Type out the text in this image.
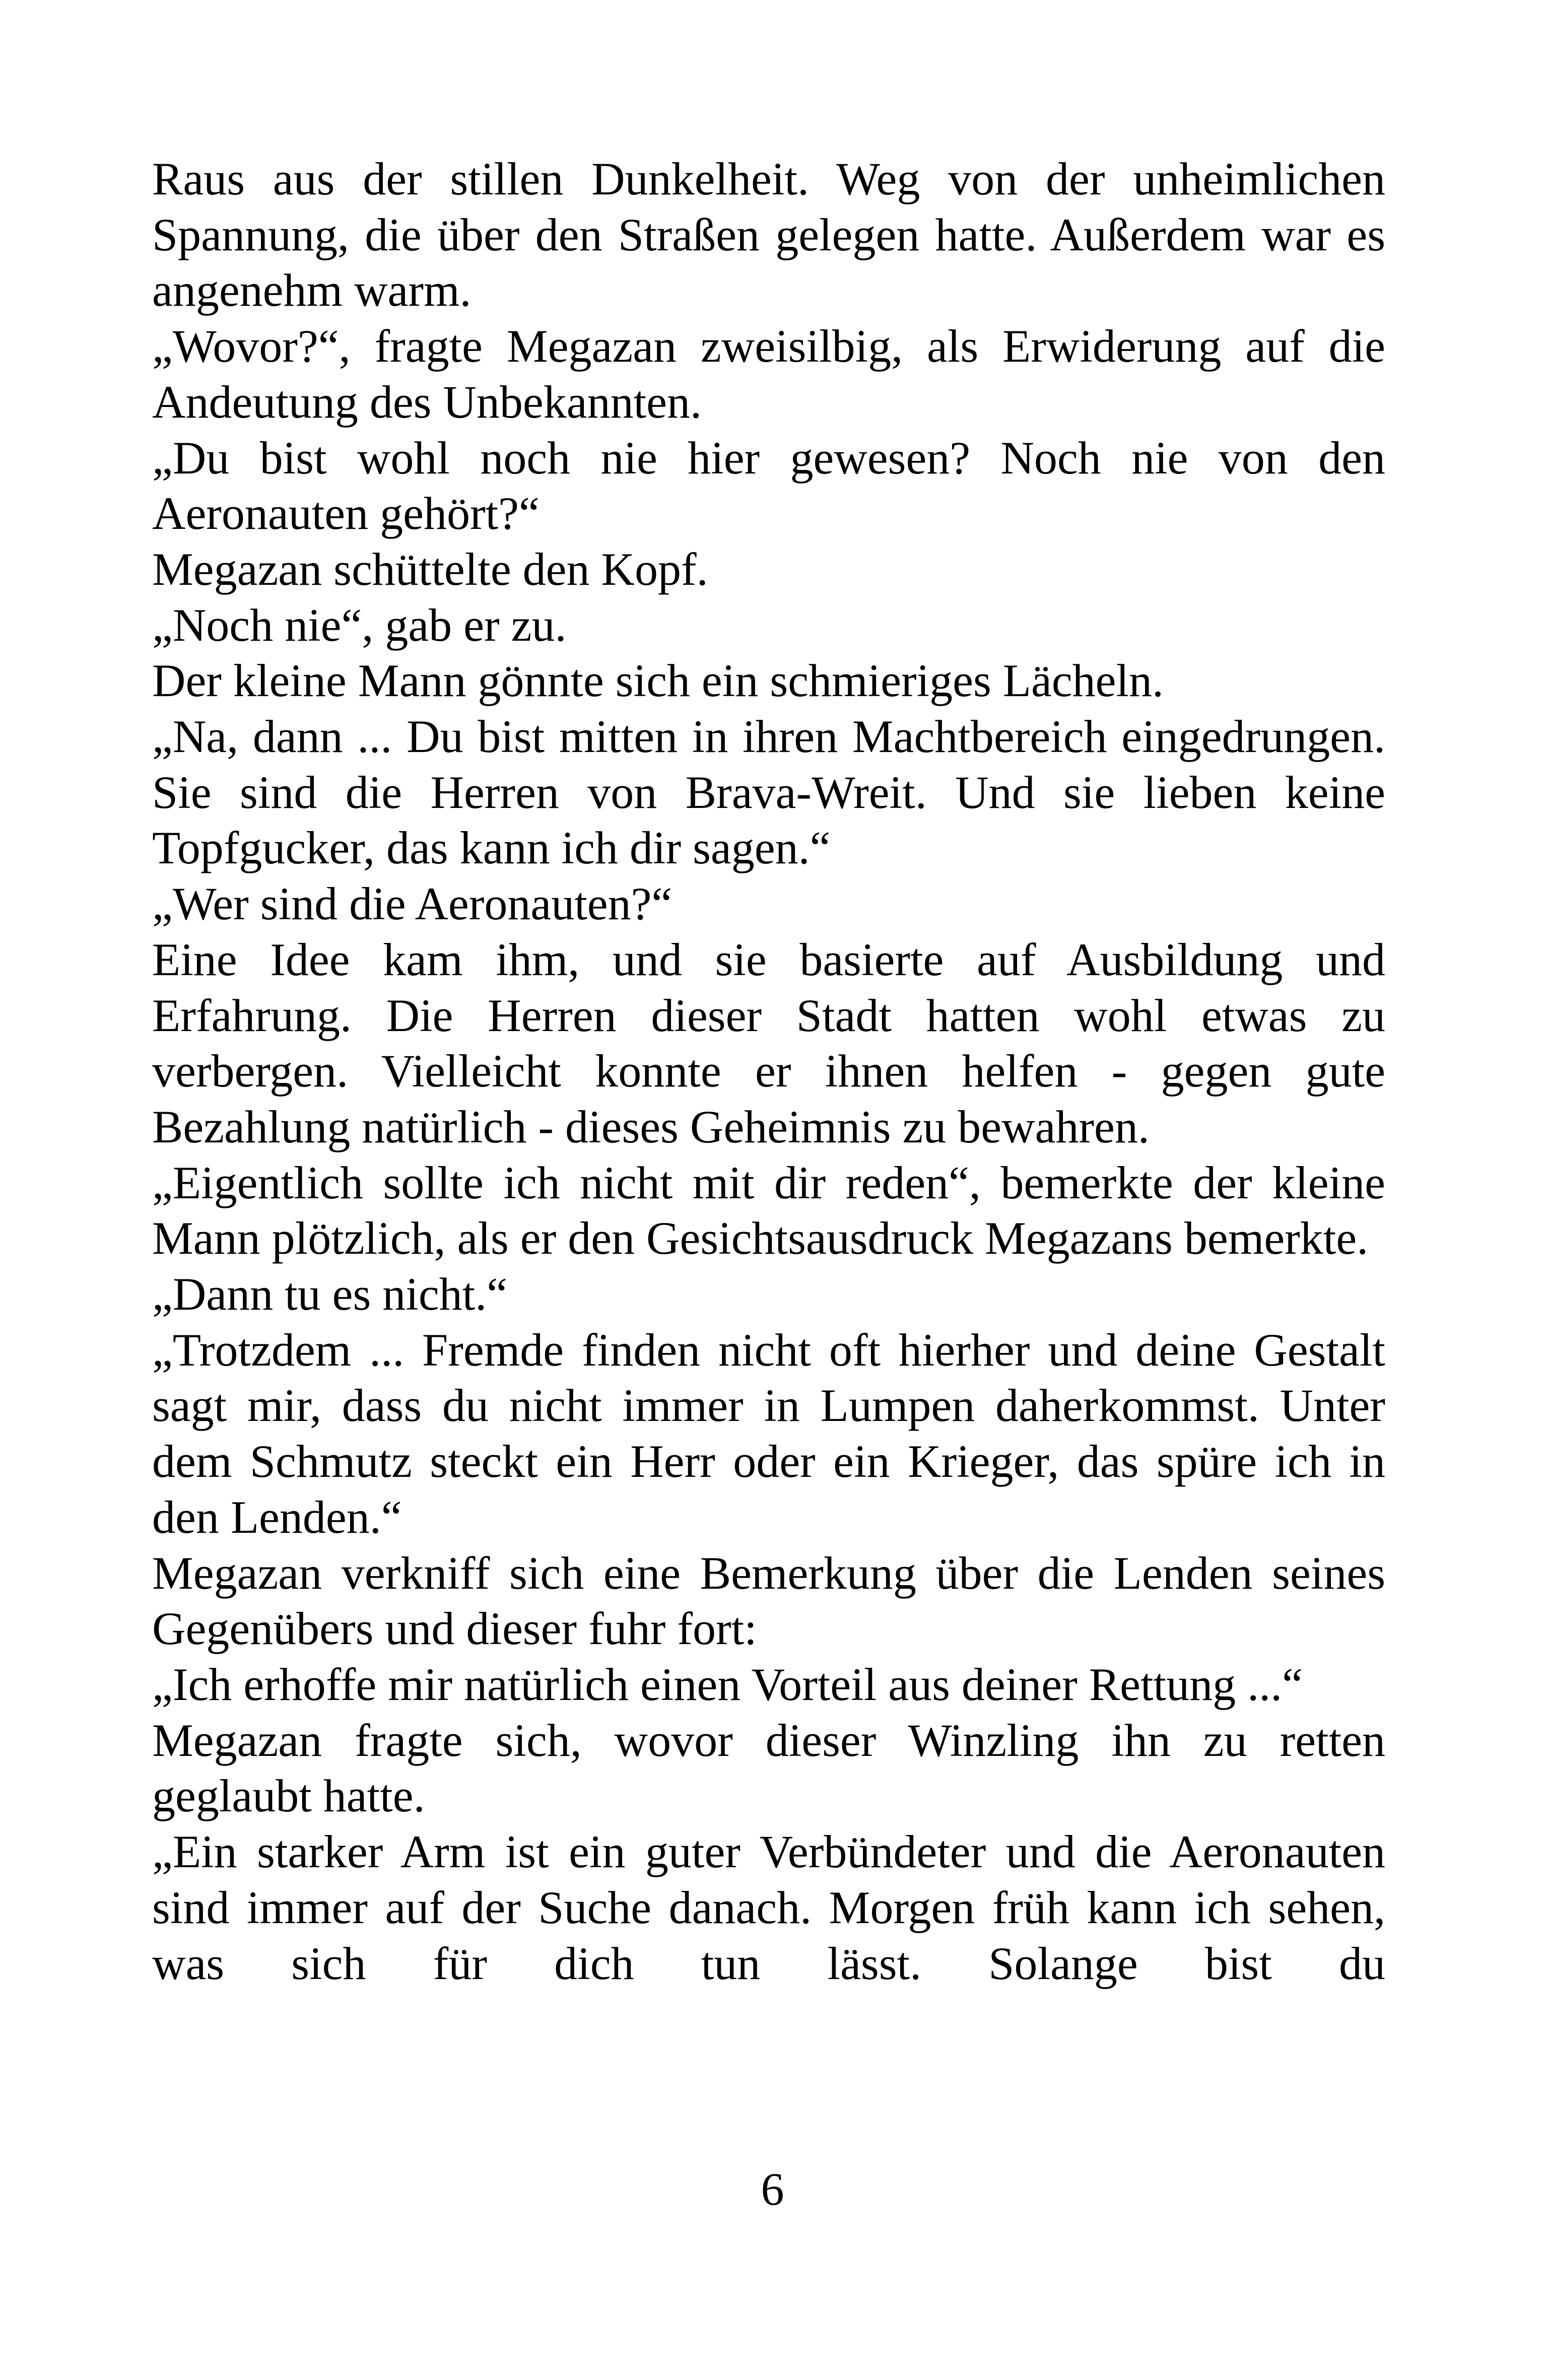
Raus aus der stillen Dunkelheit. Weg von der unheimlichen Spannung, die über den Straßen gelegen hatte. Außerdem war es angenehm warm.

„Wovor?“, fragte Megazan zweisilbig, als Erwiderung auf die Andeutung des Unbekannten.

„Du bist wohl noch nie hier gewesen? Noch nie von den Aeronauten gehört?“

Megazan schüttelte den Kopf.

„Noch nie“, gab er zu.

Der kleine Mann gönnte sich ein schmieriges Lächeln.

„Na, dann ... Du bist mitten in ihren Machtbereich eingedrungen. Sie sind die Herren von Brava-Wreit. Und sie lieben keine Topfgucker, das kann ich dir sagen.“

„Wer sind die Aeronauten?“

Eine Idee kam ihm, und sie basierte auf Ausbildung und Erfahrung. Die Herren dieser Stadt hatten wohl etwas zu verbergen. Vielleicht konnte er ihnen helfen - gegen gute Bezahlung natürlich - dieses Geheimnis zu bewahren.

„Eigentlich sollte ich nicht mit dir reden“, bemerkte der kleine Mann plötzlich, als er den Gesichtsausdruck Megazans bemerkte.

„Dann tu es nicht.“

„Trotzdem ... Fremde finden nicht oft hierher und deine Gestalt sagt mir, dass du nicht immer in Lumpen daherkommst. Unter dem Schmutz steckt ein Herr oder ein Krieger, das spüre ich in den Lenden.“

Megazan verkniff sich eine Bemerkung über die Lenden seines Gegenübers und dieser fuhr fort:

„Ich erhoffe mir natürlich einen Vorteil aus deiner Rettung ...“

Megazan fragte sich, wovor dieser Winzling ihn zu retten geglaubt hatte.

„Ein starker Arm ist ein guter Verbündeter und die Aeronauten sind immer auf der Suche danach. Morgen früh kann ich sehen, was sich für dich tun lässt. Solange bist du

6
